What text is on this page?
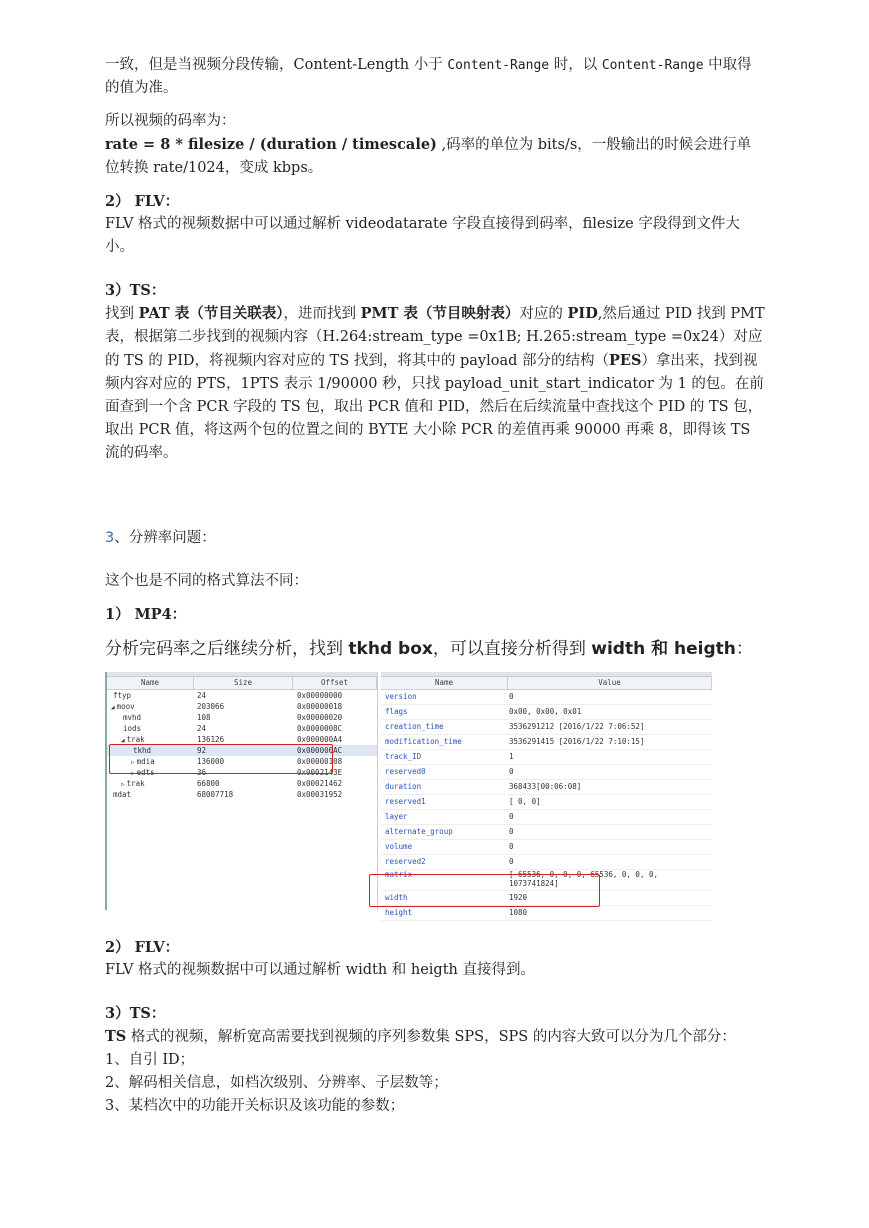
一致，但是当视频分段传输，Content-Length 小于 Content-Range 时，以 Content-Range 中取得的值为准。

所以视频的码率为：

rate = 8 * filesize / (duration / timescale) ,码率的单位为 bits/s，一般输出的时候会进行单位转换 rate/1024，变成 kbps。

2） FLV：

FLV 格式的视频数据中可以通过解析 videodatarate 字段直接得到码率，filesize 字段得到文件大小。

3）TS：

找到 PAT 表（节目关联表），进而找到 PMT 表（节目映射表）对应的 PID,然后通过 PID 找到 PMT 表，根据第二步找到的视频内容（H.264:stream_type =0x1B; H.265:stream_type =0x24）对应的 TS 的 PID，将视频内容对应的 TS 找到，将其中的 payload 部分的结构（PES）拿出来，找到视频内容对应的 PTS，1PTS 表示 1/90000 秒，只找 payload_unit_start_indicator 为 1 的包。在前面查到一个含 PCR 字段的 TS 包，取出 PCR 值和 PID，然后在后续流量中查找这个 PID 的 TS 包，取出 PCR 值，将这两个包的位置之间的 BYTE 大小除 PCR 的差值再乘 90000 再乘 8，即得该 TS 流的码率。

3、分辨率问题：

这个也是不同的格式算法不同：

1） MP4：

分析完码率之后继续分析，找到 tkhd box，可以直接分析得到 width 和 heigth：

Name	Size	Offset
ftyp	24	0x00000000
◢ moov	203066	0x00000018
mvhd	108	0x00000020
iods	24	0x0000008C
◢ trak	136126	0x000000A4
tkhd	92	0x000000AC
▷ mdia	136000	0x00000108
▷ edts	36	0x0002143E
▷ trak	66800	0x00021462
mdat	68007718	0x00031952
Name	Value
version	0
flags	0x00, 0x00, 0x01
creation_time	3536291212 [2016/1/22 7:06:52]
modification_time	3536291415 [2016/1/22 7:10:15]
track_ID	1
reserved0	0
duration	368433[00:06:08]
reserved1	[ 0, 0]
layer	0
alternate_group	0
volume	0
reserved2	0
matrix	[ 65536, 0, 0, 0, 65536, 0, 0, 0, 1073741824]
width	1920
height	1080

2） FLV：

FLV 格式的视频数据中可以通过解析 width 和 heigth 直接得到。

3）TS：

TS 格式的视频，解析宽高需要找到视频的序列参数集 SPS，SPS 的内容大致可以分为几个部分：

1、自引 ID；

2、解码相关信息，如档次级别、分辨率、子层数等；

3、某档次中的功能开关标识及该功能的参数；
